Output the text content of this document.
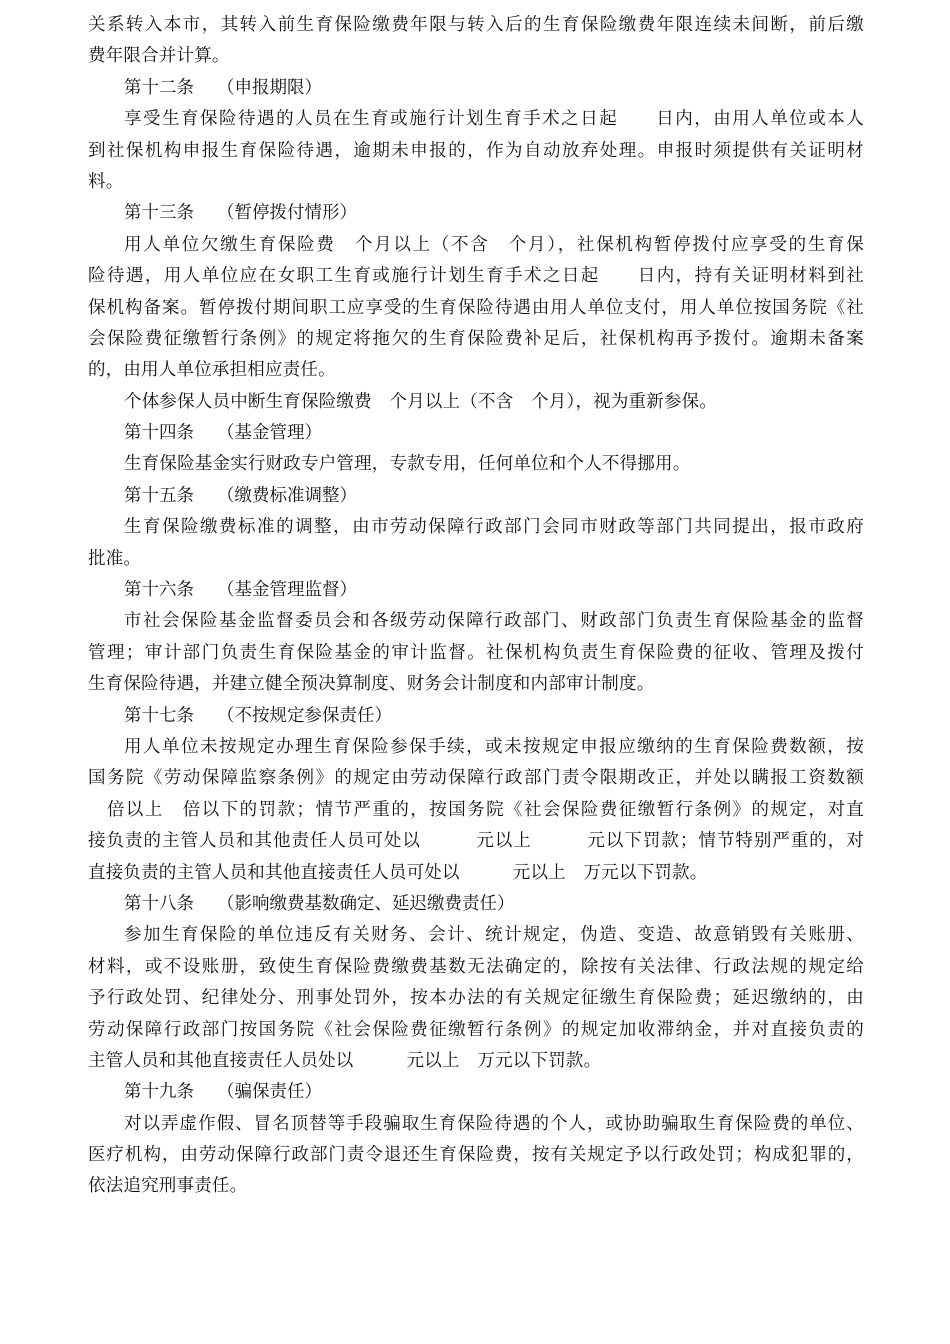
关系转入本市，其转入前生育保险缴费年限与转入后的生育保险缴费年限连续未间断，前后缴
费年限合并计算。
第十二条　 （申报期限）
享受生育保险待遇的人员在生育或施行计划生育手术之日起　　日内，由用人单位或本人
到社保机构申报生育保险待遇，逾期未申报的，作为自动放弃处理。申报时须提供有关证明材
料。
第十三条　 （暂停拨付情形）
用人单位欠缴生育保险费　个月以上（不含　个月），社保机构暂停拨付应享受的生育保
险待遇，用人单位应在女职工生育或施行计划生育手术之日起　　日内，持有关证明材料到社
保机构备案。暂停拨付期间职工应享受的生育保险待遇由用人单位支付，用人单位按国务院《社
会保险费征缴暂行条例》的规定将拖欠的生育保险费补足后，社保机构再予拨付。逾期未备案
的，由用人单位承担相应责任。
个体参保人员中断生育保险缴费　个月以上（不含　个月），视为重新参保。
第十四条　 （基金管理）
生育保险基金实行财政专户管理，专款专用，任何单位和个人不得挪用。
第十五条　 （缴费标准调整）
生育保险缴费标准的调整，由市劳动保障行政部门会同市财政等部门共同提出，报市政府
批准。
第十六条　 （基金管理监督）
市社会保险基金监督委员会和各级劳动保障行政部门、财政部门负责生育保险基金的监督
管理；审计部门负责生育保险基金的审计监督。社保机构负责生育保险费的征收、管理及拨付
生育保险待遇，并建立健全预决算制度、财务会计制度和内部审计制度。
第十七条　 （不按规定参保责任）
用人单位未按规定办理生育保险参保手续，或未按规定申报应缴纳的生育保险费数额，按
国务院《劳动保障监察条例》的规定由劳动保障行政部门责令限期改正，并处以瞒报工资数额
　倍以上　倍以下的罚款；情节严重的，按国务院《社会保险费征缴暂行条例》的规定，对直
接负责的主管人员和其他责任人员可处以　　　元以上　　　元以下罚款；情节特别严重的，对
直接负责的主管人员和其他直接责任人员可处以　　　元以上　万元以下罚款。
第十八条　 （影响缴费基数确定、延迟缴费责任）
参加生育保险的单位违反有关财务、会计、统计规定，伪造、变造、故意销毁有关账册、
材料，或不设账册，致使生育保险费缴费基数无法确定的，除按有关法律、行政法规的规定给
予行政处罚、纪律处分、刑事处罚外，按本办法的有关规定征缴生育保险费；延迟缴纳的，由
劳动保障行政部门按国务院《社会保险费征缴暂行条例》的规定加收滞纳金，并对直接负责的
主管人员和其他直接责任人员处以　　　元以上　万元以下罚款。
第十九条　 （骗保责任）
对以弄虚作假、冒名顶替等手段骗取生育保险待遇的个人，或协助骗取生育保险费的单位、
医疗机构，由劳动保障行政部门责令退还生育保险费，按有关规定予以行政处罚；构成犯罪的，
依法追究刑事责任。
